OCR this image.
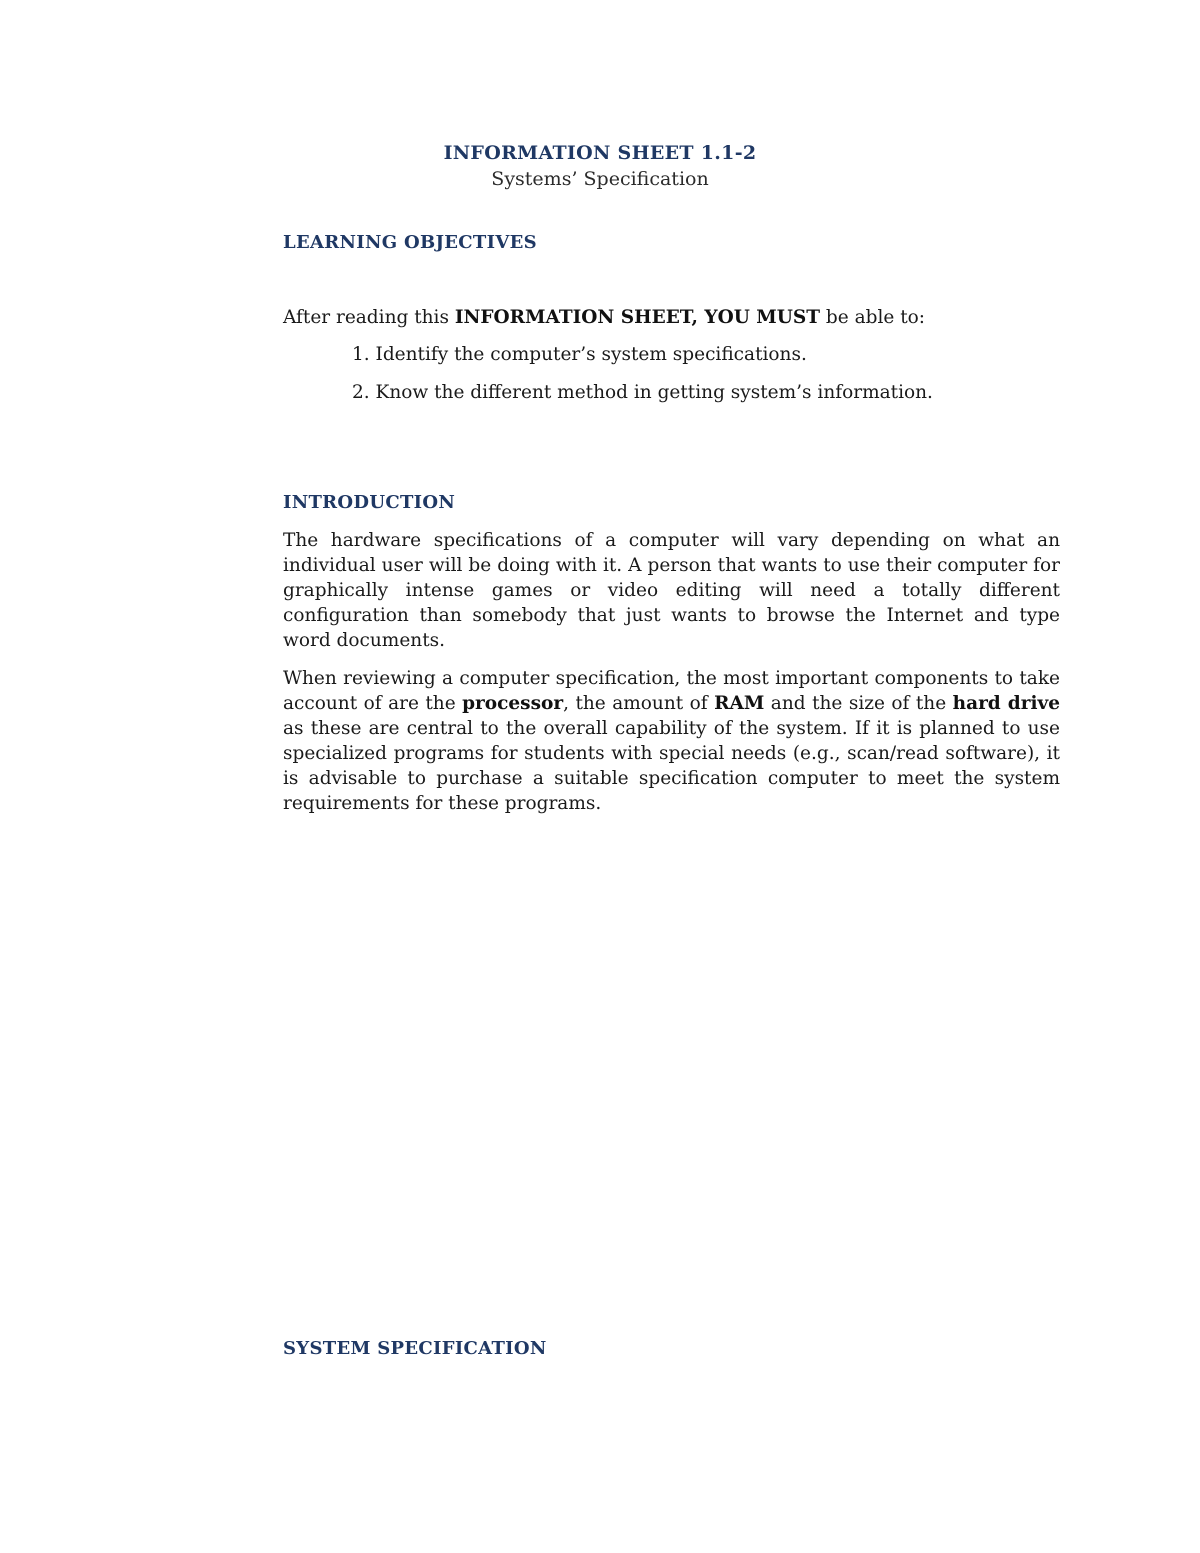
INFORMATION SHEET 1.1-2
Systems’ Specification
LEARNING OBJECTIVES
After reading this INFORMATION SHEET, YOU MUST be able to:
1. Identify the computer’s system specifications.
2. Know the different method in getting system’s information.
INTRODUCTION

The hardware specifications of a computer will vary depending on what an individual user will be doing with it. A person that wants to use their computer for graphically intense games or video editing will need a totally different configuration than somebody that just wants to browse the Internet and type word documents.

When reviewing a computer specification, the most important components to take account of are the processor, the amount of RAM and the size of the hard drive as these are central to the overall capability of the system. If it is planned to use specialized programs for students with special needs (e.g., scan/read software), it is advisable to purchase a suitable specification computer to meet the system requirements for these programs.

SYSTEM SPECIFICATION
